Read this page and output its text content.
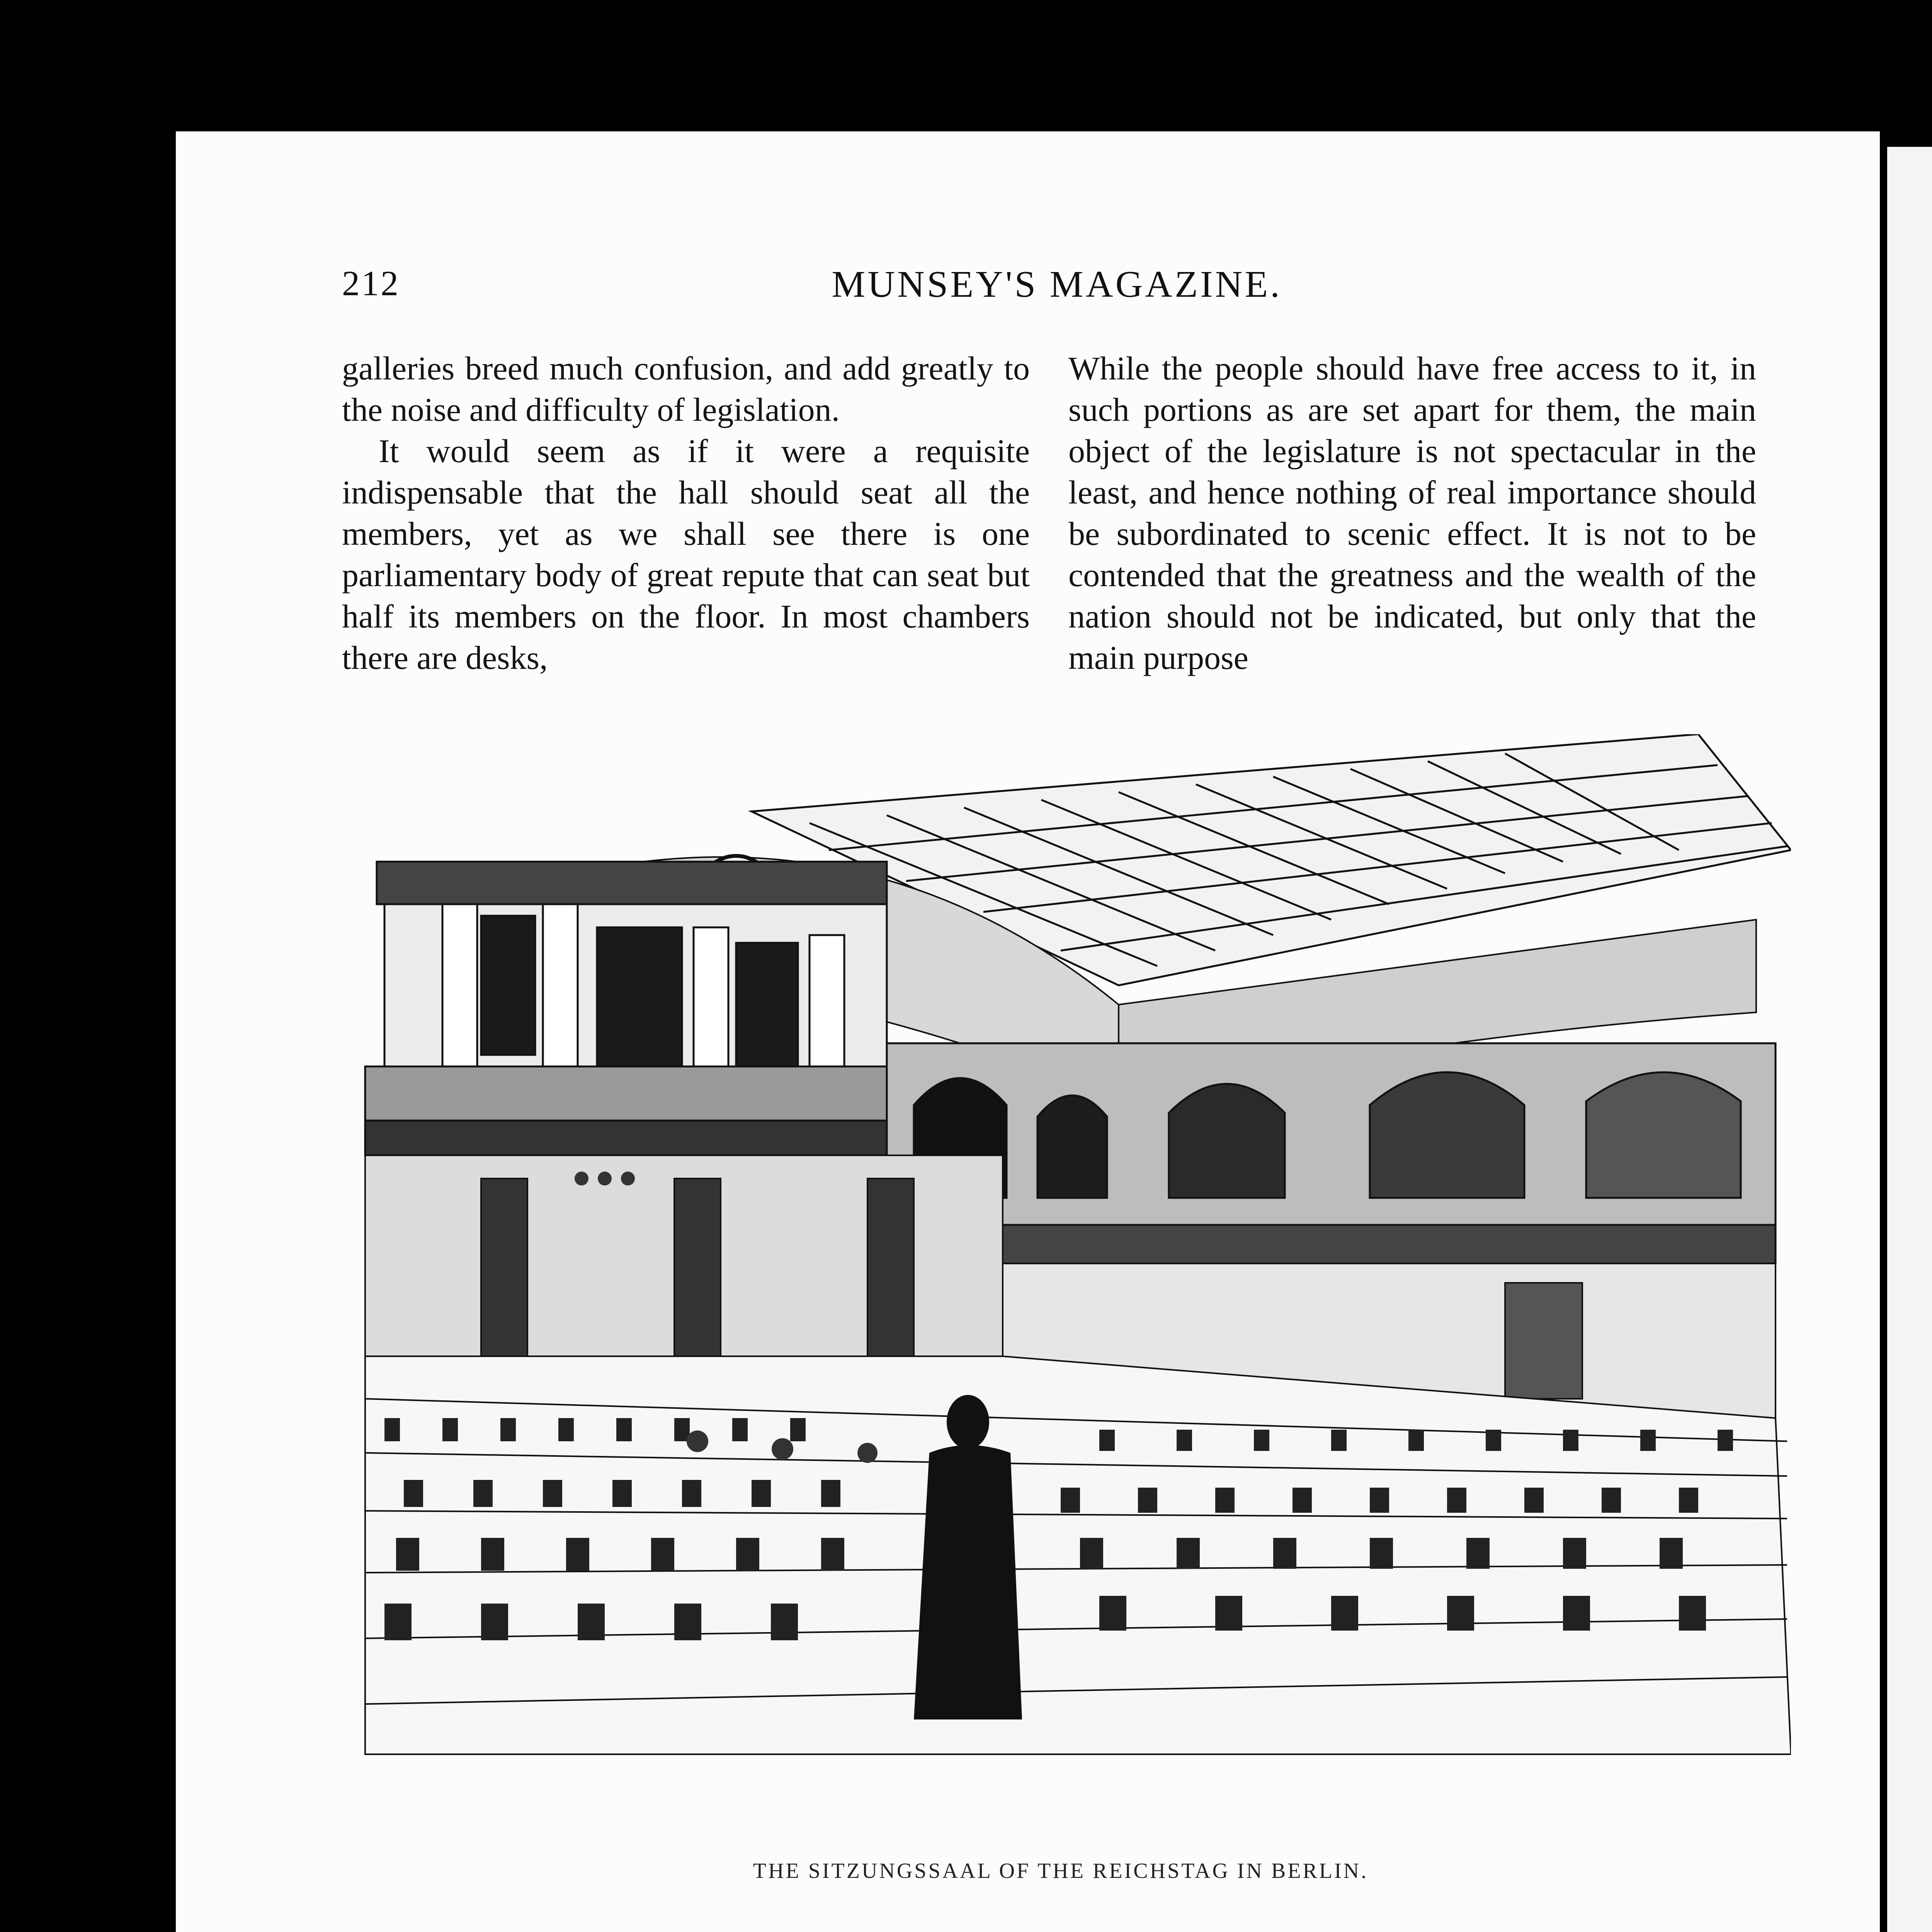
212	MUNSEY'S MAGAZINE.

galleries breed much confusion, and add greatly to the noise and difficulty of legislation.

It would seem as if it were a requisite indispensable that the hall should seat all the members, yet as we shall see there is one parliamentary body of great repute that can seat but half its members on the floor. In most chambers there are desks,

While the people should have free access to it, in such portions as are set apart for them, the main object of the legislature is not spectacular in the least, and hence nothing of real importance should be subordinated to scenic effect. It is not to be contended that the greatness and the wealth of the nation should not be indicated, but only that the main purpose

THE SITZUNGSSAAL OF THE REICHSTAG IN BERLIN.
